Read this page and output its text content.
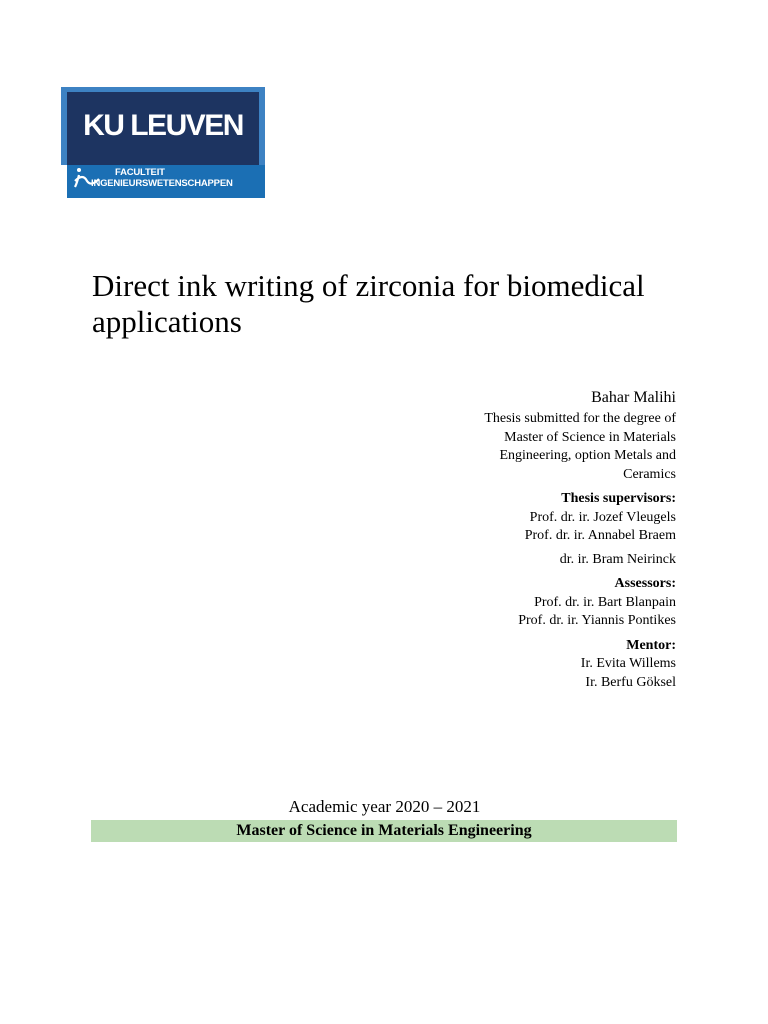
KU LEUVEN
FACULTEIT
INGENIEURSWETENSCHAPPEN
Direct ink writing of zirconia for biomedical applications
Bahar Malihi
Thesis submitted for the degree of
Master of Science in Materials
Engineering, option Metals and
Ceramics
Thesis supervisors:
Prof. dr. ir. Jozef Vleugels
Prof. dr. ir. Annabel Braem
dr. ir. Bram Neirinck
Assessors:
Prof. dr. ir. Bart Blanpain
Prof. dr. ir. Yiannis Pontikes
Mentor:
Ir. Evita Willems
Ir. Berfu Göksel
Academic year 2020 – 2021
Master of Science in Materials Engineering
